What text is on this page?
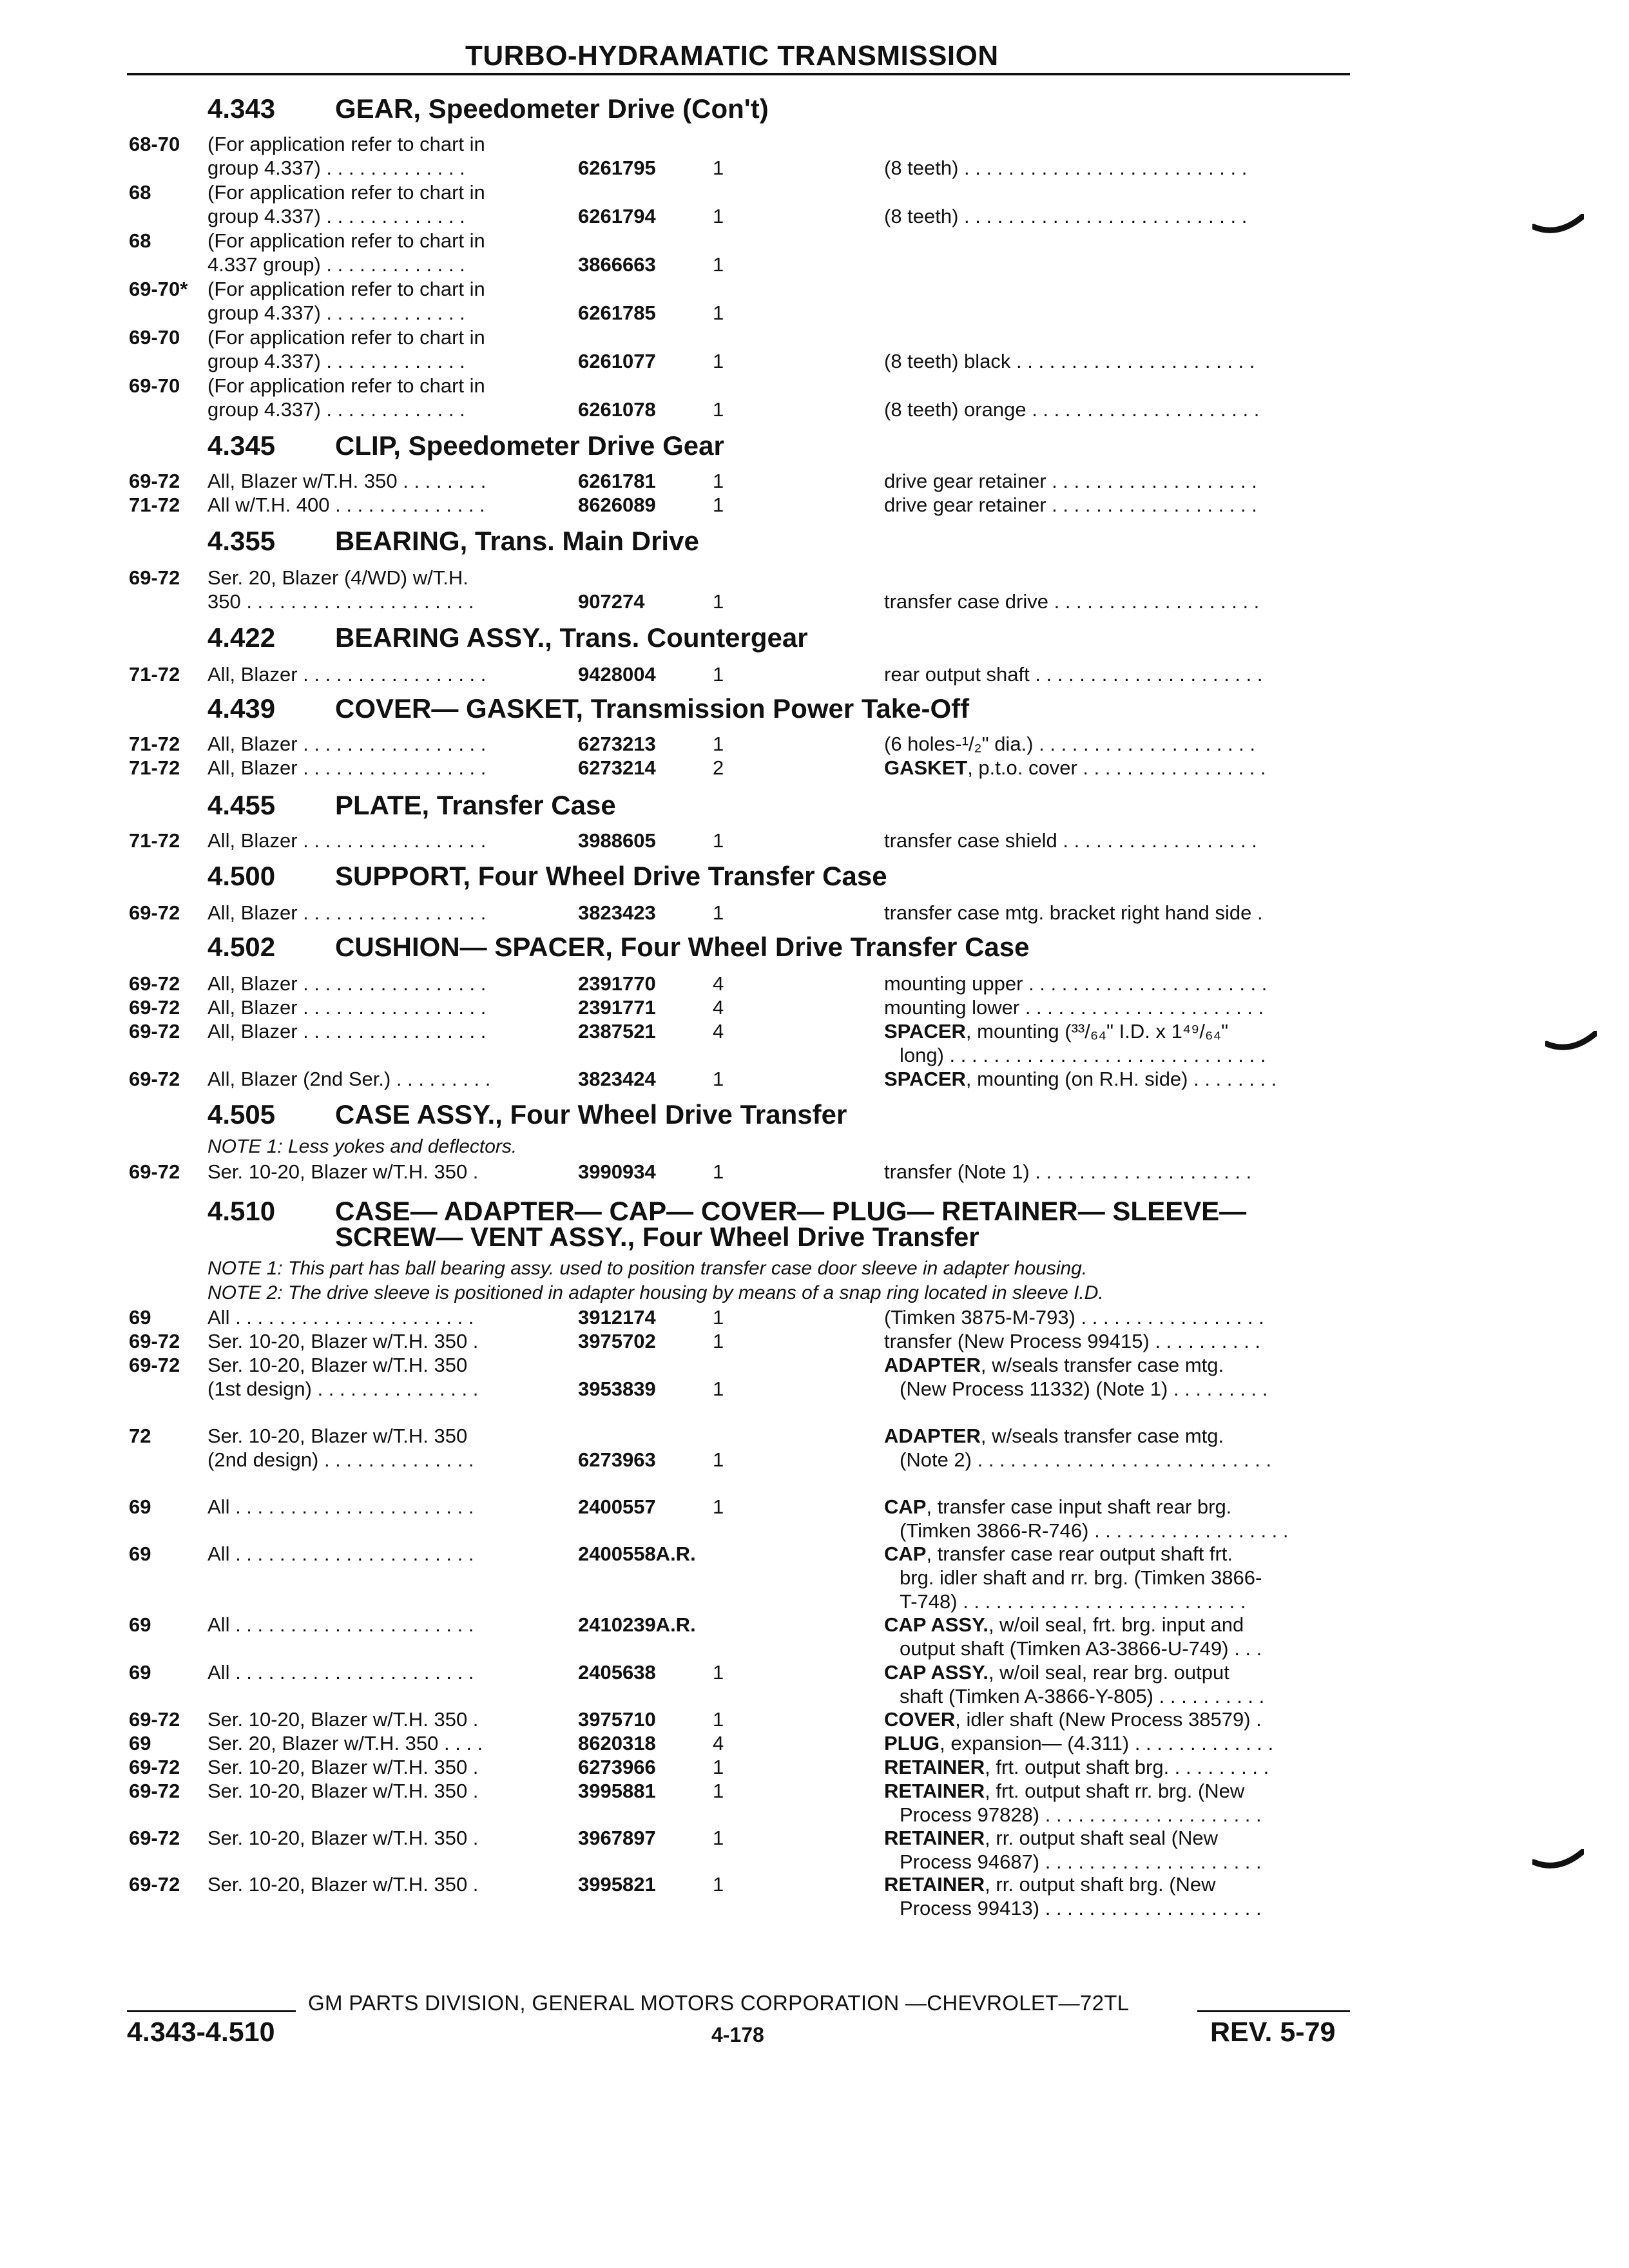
TURBO-HYDRAMATIC TRANSMISSION
4.343 GEAR, Speedometer Drive (Con't)
68-70 (For application refer to chart in
group 4.337) . . . . . . . . . . . . .	6261795	1	(8 teeth) . . . . . . . . . . . . . . . . . . . . . . . . . .
68	(For application refer to chart in
group 4.337) . . . . . . . . . . . . .	6261794	1	(8 teeth) . . . . . . . . . . . . . . . . . . . . . . . . . .
68	(For application refer to chart in
4.337 group) . . . . . . . . . . . . .	3866663	1
69-70* (For application refer to chart in
group 4.337) . . . . . . . . . . . . .	6261785	1
69-70 (For application refer to chart in
group 4.337) . . . . . . . . . . . . .	6261077	1	(8 teeth) black . . . . . . . . . . . . . . . . . . . . . .
69-70 (For application refer to chart in
group 4.337) . . . . . . . . . . . . .	6261078	1	(8 teeth) orange . . . . . . . . . . . . . . . . . . . . .
4.345 CLIP, Speedometer Drive Gear
69-72 All, Blazer w/T.H. 350 . . . . . . . .	6261781	1	drive gear retainer . . . . . . . . . . . . . . . . . . .
71-72 All w/T.H. 400 . . . . . . . . . . . . . .	8626089	1	drive gear retainer . . . . . . . . . . . . . . . . . . .
4.355 BEARING, Trans. Main Drive
69-72 Ser. 20, Blazer (4/WD) w/T.H.
350 . . . . . . . . . . . . . . . . . . . . .	907274	1	transfer case drive . . . . . . . . . . . . . . . . . . .
4.422 BEARING ASSY., Trans. Countergear
71-72 All, Blazer . . . . . . . . . . . . . . . . .	9428004	1	rear output shaft . . . . . . . . . . . . . . . . . . . . .
4.439 COVER— GASKET, Transmission Power Take-Off
71-72 All, Blazer . . . . . . . . . . . . . . . . .	6273213	1	(6 holes-¹/₂" dia.) . . . . . . . . . . . . . . . . . . . .
71-72 All, Blazer . . . . . . . . . . . . . . . . .	6273214	2	GASKET, p.t.o. cover . . . . . . . . . . . . . . . . .
4.455 PLATE, Transfer Case
71-72 All, Blazer . . . . . . . . . . . . . . . . .	3988605	1	transfer case shield . . . . . . . . . . . . . . . . . .
4.500 SUPPORT, Four Wheel Drive Transfer Case
69-72 All, Blazer . . . . . . . . . . . . . . . . .	3823423	1	transfer case mtg. bracket right hand side .
4.502 CUSHION— SPACER, Four Wheel Drive Transfer Case
69-72 All, Blazer . . . . . . . . . . . . . . . . .	2391770	4	mounting upper . . . . . . . . . . . . . . . . . . . . . .
69-72 All, Blazer . . . . . . . . . . . . . . . . .	2391771	4	mounting lower . . . . . . . . . . . . . . . . . . . . . .
69-72 All, Blazer . . . . . . . . . . . . . . . . .	2387521	4	SPACER, mounting (³³/₆₄" I.D. x 1⁴⁹/₆₄"
long) . . . . . . . . . . . . . . . . . . . . . . . . . . . . .
69-72 All, Blazer (2nd Ser.) . . . . . . . . .	3823424	1	SPACER, mounting (on R.H. side) . . . . . . . .
4.505 CASE ASSY., Four Wheel Drive Transfer
NOTE 1: Less yokes and deflectors.
69-72 Ser. 10-20, Blazer w/T.H. 350 .	3990934	1	transfer (Note 1) . . . . . . . . . . . . . . . . . . . .
4.510 CASE— ADAPTER— CAP— COVER— PLUG— RETAINER— SLEEVE—
SCREW— VENT ASSY., Four Wheel Drive Transfer
NOTE 1: This part has ball bearing assy. used to position transfer case door sleeve in adapter housing.
NOTE 2: The drive sleeve is positioned in adapter housing by means of a snap ring located in sleeve I.D.
69	All . . . . . . . . . . . . . . . . . . . . . .	3912174	1	(Timken 3875-M-793) . . . . . . . . . . . . . . . . .
69-72 Ser. 10-20, Blazer w/T.H. 350 .	3975702	1	transfer (New Process 99415) . . . . . . . . . .
69-72 Ser. 10-20, Blazer w/T.H. 350
(1st design) . . . . . . . . . . . . . . .	3953839	1
ADAPTER, w/seals transfer case mtg.
(New Process 11332) (Note 1) . . . . . . . . .
72	Ser. 10-20, Blazer w/T.H. 350
(2nd design) . . . . . . . . . . . . . .	6273963	1
ADAPTER, w/seals transfer case mtg.
(Note 2) . . . . . . . . . . . . . . . . . . . . . . . . . . .
69	All . . . . . . . . . . . . . . . . . . . . . .	2400557	1	CAP, transfer case input shaft rear brg.
(Timken 3866-R-746) . . . . . . . . . . . . . . . . . .
69	All . . . . . . . . . . . . . . . . . . . . . .	2400558A.R.	CAP, transfer case rear output shaft frt.
brg. idler shaft and rr. brg. (Timken 3866-
T-748) . . . . . . . . . . . . . . . . . . . . . . . . . .
69	All . . . . . . . . . . . . . . . . . . . . . .	2410239A.R.	CAP ASSY., w/oil seal, frt. brg. input and
output shaft (Timken A3-3866-U-749) . . .
69	All . . . . . . . . . . . . . . . . . . . . . .	2405638	1	CAP ASSY., w/oil seal, rear brg. output
shaft (Timken A-3866-Y-805) . . . . . . . . . .
69-72 Ser. 10-20, Blazer w/T.H. 350 .	3975710	1	COVER, idler shaft (New Process 38579) .
69	Ser. 20, Blazer w/T.H. 350 . . . .	8620318	4	PLUG, expansion— (4.311) . . . . . . . . . . . . .
69-72 Ser. 10-20, Blazer w/T.H. 350 .	6273966	1	RETAINER, frt. output shaft brg. . . . . . . . . .
69-72 Ser. 10-20, Blazer w/T.H. 350 .	3995881	1	RETAINER, frt. output shaft rr. brg. (New
Process 97828) . . . . . . . . . . . . . . . . . . . .
69-72 Ser. 10-20, Blazer w/T.H. 350 .	3967897	1	RETAINER, rr. output shaft seal (New
Process 94687) . . . . . . . . . . . . . . . . . . . .
69-72 Ser. 10-20, Blazer w/T.H. 350 .	3995821	1	RETAINER, rr. output shaft brg. (New
Process 99413) . . . . . . . . . . . . . . . . . . . .
GM PARTS DIVISION, GENERAL MOTORS CORPORATION —CHEVROLET—72TL
4.343-4.510	4-178	REV. 5-79
